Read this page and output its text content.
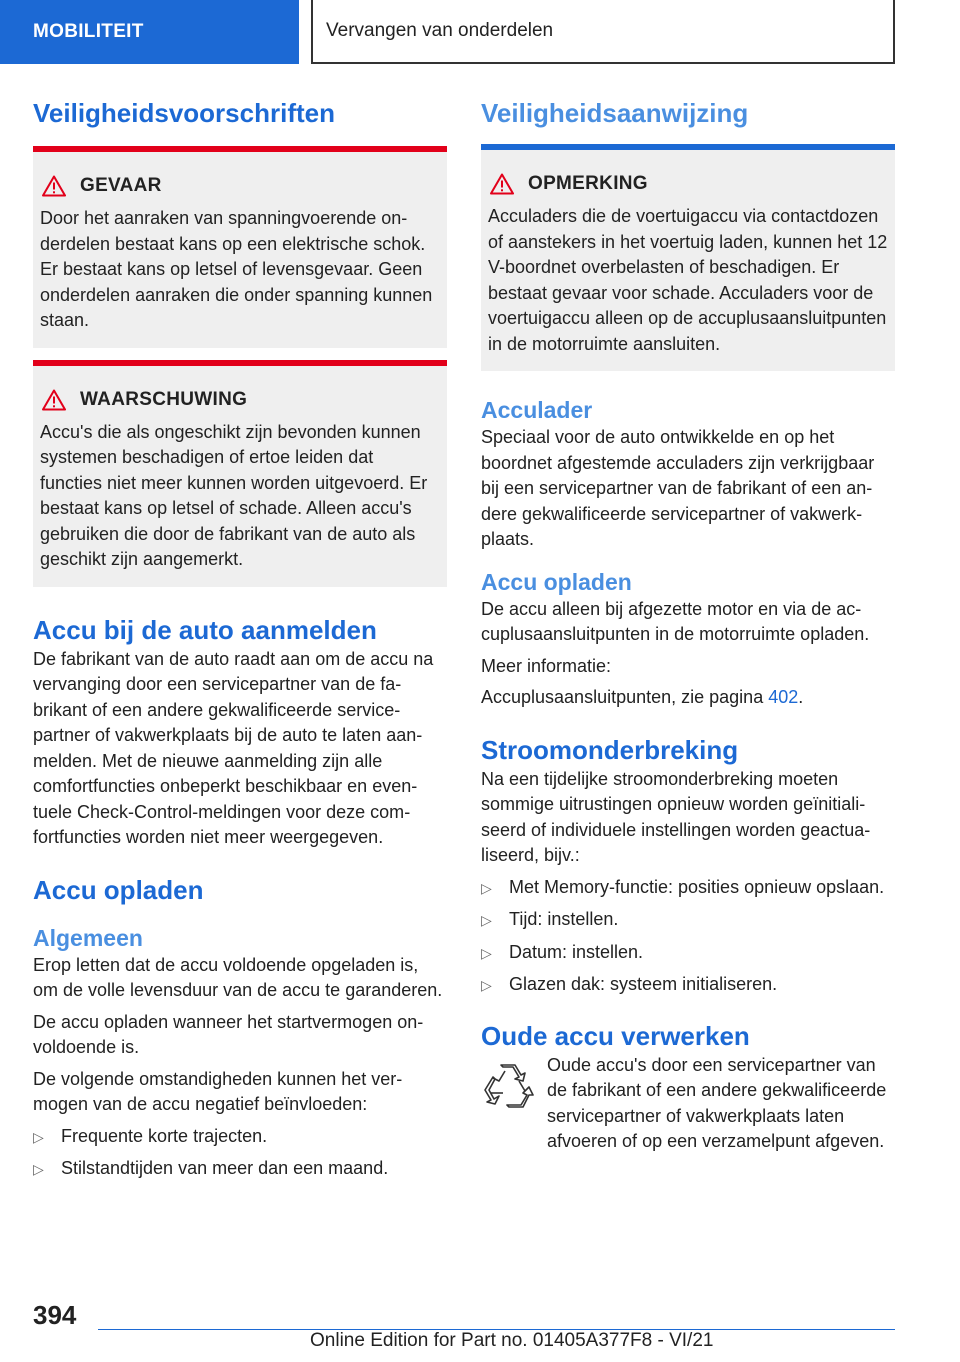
MOBILITEIT	Vervangen van onderdelen
Veiligheidsvoorschriften
GEVAAR

Door het aanraken van spanningvoerende onderdelen bestaat kans op een elektrische schok. Er bestaat kans op letsel of levensgevaar. Geen onderdelen aanraken die onder spanning kunnen staan.

WAARSCHUWING

Accu's die als ongeschikt zijn bevonden kunnen systemen beschadigen of ertoe leiden dat functies niet meer kunnen worden uitgevoerd. Er bestaat kans op letsel of schade. Alleen accu's gebruiken die door de fabrikant van de auto als geschikt zijn aangemerkt.

Accu bij de auto aanmelden

De fabrikant van de auto raadt aan om de accu na vervanging door een servicepartner van de fabrikant of een andere gekwalificeerde servicepartner of vakwerkplaats bij de auto te laten aanmelden. Met de nieuwe aanmelding zijn alle comfortfuncties onbeperkt beschikbaar en eventuele Check-Control-meldingen voor deze comfortfuncties worden niet meer weergegeven.

Accu opladen
Algemeen

Erop letten dat de accu voldoende opgeladen is, om de volle levensduur van de accu te garanderen.

De accu opladen wanneer het startvermogen onvoldoende is.

De volgende omstandigheden kunnen het vermogen van de accu negatief beïnvloeden:

▷ Frequente korte trajecten.
▷ Stilstandtijden van meer dan een maand.
Veiligheidsaanwijzing
OPMERKING

Acculaders die de voertuigaccu via contactdozen of aanstekers in het voertuig laden, kunnen het 12 V-boordnet overbelasten of beschadigen. Er bestaat gevaar voor schade. Acculaders voor de voertuigaccu alleen op de accuplusaansluitpunten in de motorruimte aansluiten.

Acculader

Speciaal voor de auto ontwikkelde en op het boordnet afgestemde acculaders zijn verkrijgbaar bij een servicepartner van de fabrikant of een andere gekwalificeerde servicepartner of vakwerkplaats.

Accu opladen

De accu alleen bij afgezette motor en via de accuplusaansluitpunten in de motorruimte opladen.

Meer informatie:

Accuplusaansluitpunten, zie pagina 402.

Stroomonderbreking

Na een tijdelijke stroomonderbreking moeten sommige uitrustingen opnieuw worden geïnitialiseerd of individuele instellingen worden geactualiseerd, bijv.:

▷ Met Memory-functie: posities opnieuw opslaan.
▷ Tijd: instellen.
▷ Datum: instellen.
▷ Glazen dak: systeem initialiseren.
Oude accu verwerken

Oude accu's door een servicepartner van de fabrikant of een andere gekwalificeerde servicepartner of vakwerkplaats laten afvoeren of op een verzamelpunt afgeven.

394
Online Edition for Part no. 01405A377F8 - VI/21
